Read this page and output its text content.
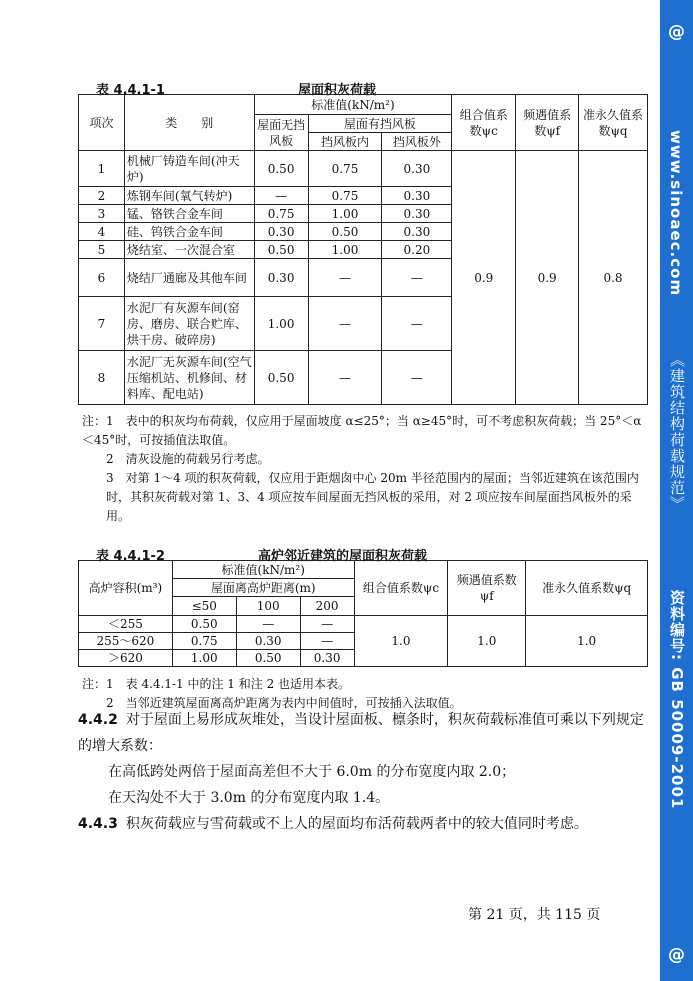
@
www.sinoaec.com
《建筑结构荷载规范》
资料编号: GB 50009-2001
@
表 4.4.1-1	屋面积灰荷载
项次	类　　别	标准值(kN/m²)			组合值系数ψc	频遇值系数ψf	准永久值系数ψq
		屋面无挡风板	屋面有挡风板				
			挡风板内	挡风板外			
1	机械厂铸造车间(冲天炉)	0.50	0.75	0.30	0.9	0.9	0.8
2	炼钢车间(氧气转炉)	—	0.75	0.30			
3	锰、铬铁合金车间	0.75	1.00	0.30			
4	硅、钨铁合金车间	0.30	0.50	0.30			
5	烧结室、一次混合室	0.50	1.00	0.20			
6	烧结厂通廊及其他车间	0.30	—	—			
7	水泥厂有灰源车间(窑房、磨房、联合贮库、烘干房、破碎房)	1.00	—	—			
8	水泥厂无灰源车间(空气压缩机站、机修间、材料库、配电站)	0.50	—	—			

注：1　表中的积灰均布荷载，仅应用于屋面坡度 α≤25°；当 α≥45°时，可不考虑积灰荷载；当 25°＜α＜45°时，可按插值法取值。

2　清灰设施的荷载另行考虑。

3　对第 1～4 项的积灰荷载，仅应用于距烟囱中心 20m 半径范围内的屋面；当邻近建筑在该范围内时，其积灰荷载对第 1、3、4 项应按车间屋面无挡风板的采用，对 2 项应按车间屋面挡风板外的采用。

表 4.4.1-2	高炉邻近建筑的屋面积灰荷载
高炉容积(m³)	标准值(kN/m²)			组合值系数ψc	频遇值系数ψf	准永久值系数ψq
	屋面离高炉距离(m)					
	≤50	100	200			
＜255	0.50	—	—	1.0	1.0	1.0
255～620	0.75	0.30	—			
＞620	1.00	0.50	0.30			

注：1　表 4.4.1-1 中的注 1 和注 2 也适用本表。

2　当邻近建筑屋面离高炉距离为表内中间值时，可按插入法取值。

4.4.2 对于屋面上易形成灰堆处，当设计屋面板、檩条时，积灰荷载标准值可乘以下列规定的增大系数：

在高低跨处两倍于屋面高差但不大于 6.0m 的分布宽度内取 2.0；

在天沟处不大于 3.0m 的分布宽度内取 1.4。

4.4.3 积灰荷载应与雪荷载或不上人的屋面均布活荷载两者中的较大值同时考虑。

第 21 页，共 115 页
